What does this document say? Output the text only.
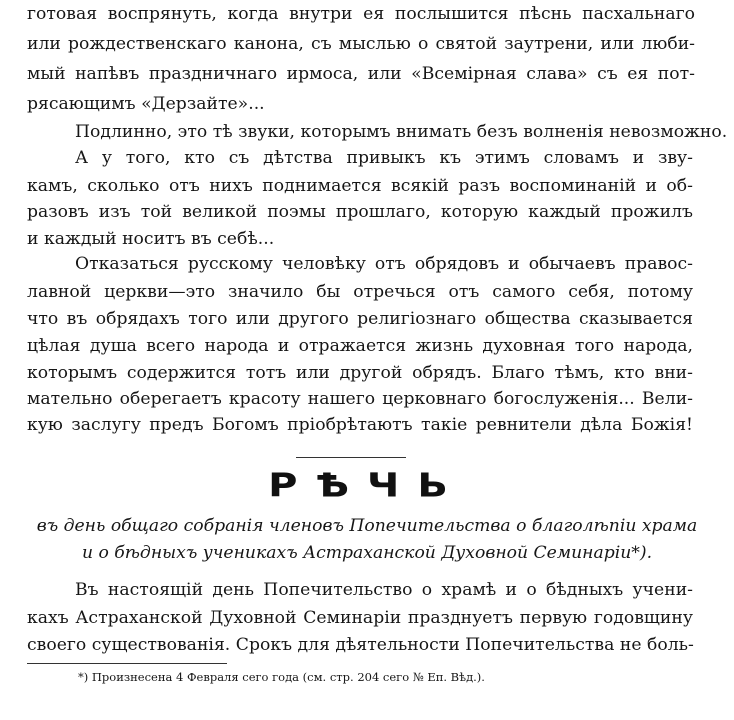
готовая воспрянуть, когда внутри ея послышится пѣснь пасхальнаго
или рождественскаго канона, съ мыслью о святой заутрени, или люби-
мый напѣвъ праздничнаго ирмоса, или «Всемірная слава» съ ея пот-
рясающимъ «Дерзайте»...
Подлинно, это тѣ звуки, которымъ внимать безъ волненія невозможно.
А у того, кто съ дѣтства привыкъ къ этимъ словамъ и зву-
камъ, сколько отъ нихъ поднимается всякій разъ воспоминаній и об-
разовъ изъ той великой поэмы прошлаго, которую каждый прожилъ
и каждый носитъ въ себѣ...
Отказаться русскому человѣку отъ обрядовъ и обычаевъ правос-
лавной церкви—это значило бы отречься отъ самого себя, потому
что въ обрядахъ того или другого религіознаго общества сказывается
цѣлая душа всего народа и отражается жизнь духовная того народа,
которымъ содержится тотъ или другой обрядъ. Благо тѣмъ, кто вни-
мательно оберегаетъ красоту нашего церковнаго богослуженія... Вели-
кую заслугу предъ Богомъ пріобрѣтаютъ такіе ревнители дѣла Божія!
РѢЧЬ
въ день общаго собранія членовъ Попечительства о благолѣпіи храма
и о бѣдныхъ ученикахъ Астраханской Духовной Семинаріи*).
Въ настоящій день Попечительство о храмѣ и о бѣдныхъ учени-
кахъ Астраханской Духовной Семинаріи празднуетъ первую годовщину
своего существованія. Срокъ для дѣятельности Попечительства не боль-
*) Произнесена 4 Февраля сего года (см. стр. 204 сего № Еп. Вѣд.).
